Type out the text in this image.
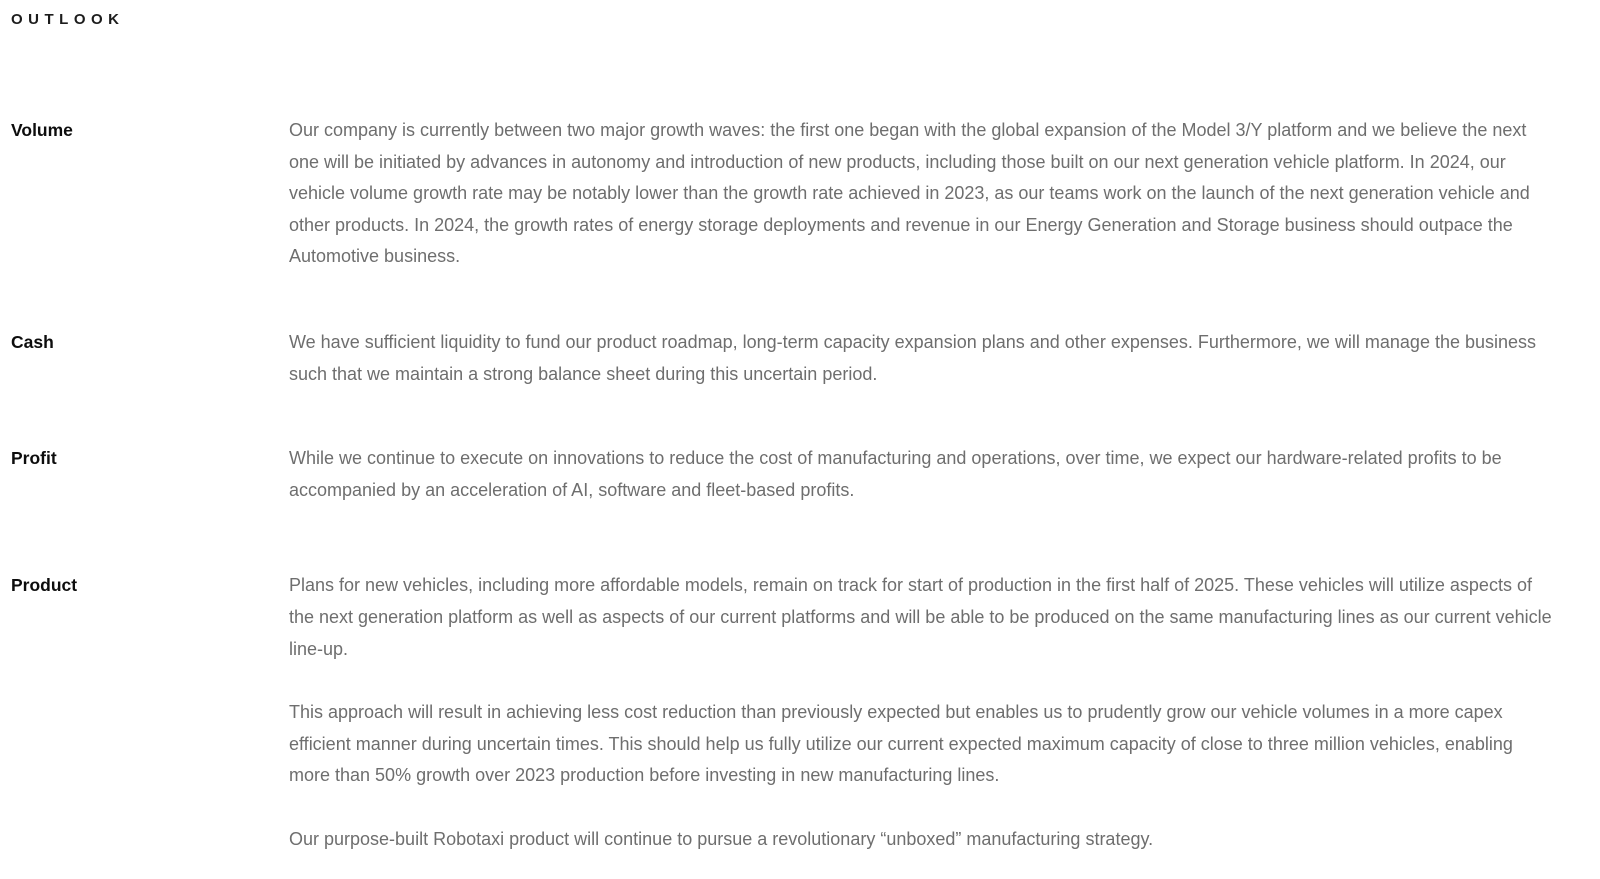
OUTLOOK
Volume	Our company is currently between two major growth waves: the first one began with the global expansion of the Model 3/Y platform and we believe the next one will be initiated by advances in autonomy and introduction of new products, including those built on our next generation vehicle platform. In 2024, our vehicle volume growth rate may be notably lower than the growth rate achieved in 2023, as our teams work on the launch of the next generation vehicle and other products. In 2024, the growth rates of energy storage deployments and revenue in our Energy Generation and Storage business should outpace the Automotive business.

Cash	We have sufficient liquidity to fund our product roadmap, long-term capacity expansion plans and other expenses. Furthermore, we will manage the business such that we maintain a strong balance sheet during this uncertain period.

Profit	While we continue to execute on innovations to reduce the cost of manufacturing and operations, over time, we expect our hardware-related profits to be accompanied by an acceleration of AI, software and fleet-based profits.

Product	Plans for new vehicles, including more affordable models, remain on track for start of production in the first half of 2025. These vehicles will utilize aspects of the next generation platform as well as aspects of our current platforms and will be able to be produced on the same manufacturing lines as our current vehicle line-up.

This approach will result in achieving less cost reduction than previously expected but enables us to prudently grow our vehicle volumes in a more capex efficient manner during uncertain times. This should help us fully utilize our current expected maximum capacity of close to three million vehicles, enabling more than 50% growth over 2023 production before investing in new manufacturing lines.

Our purpose-built Robotaxi product will continue to pursue a revolutionary “unboxed” manufacturing strategy.
